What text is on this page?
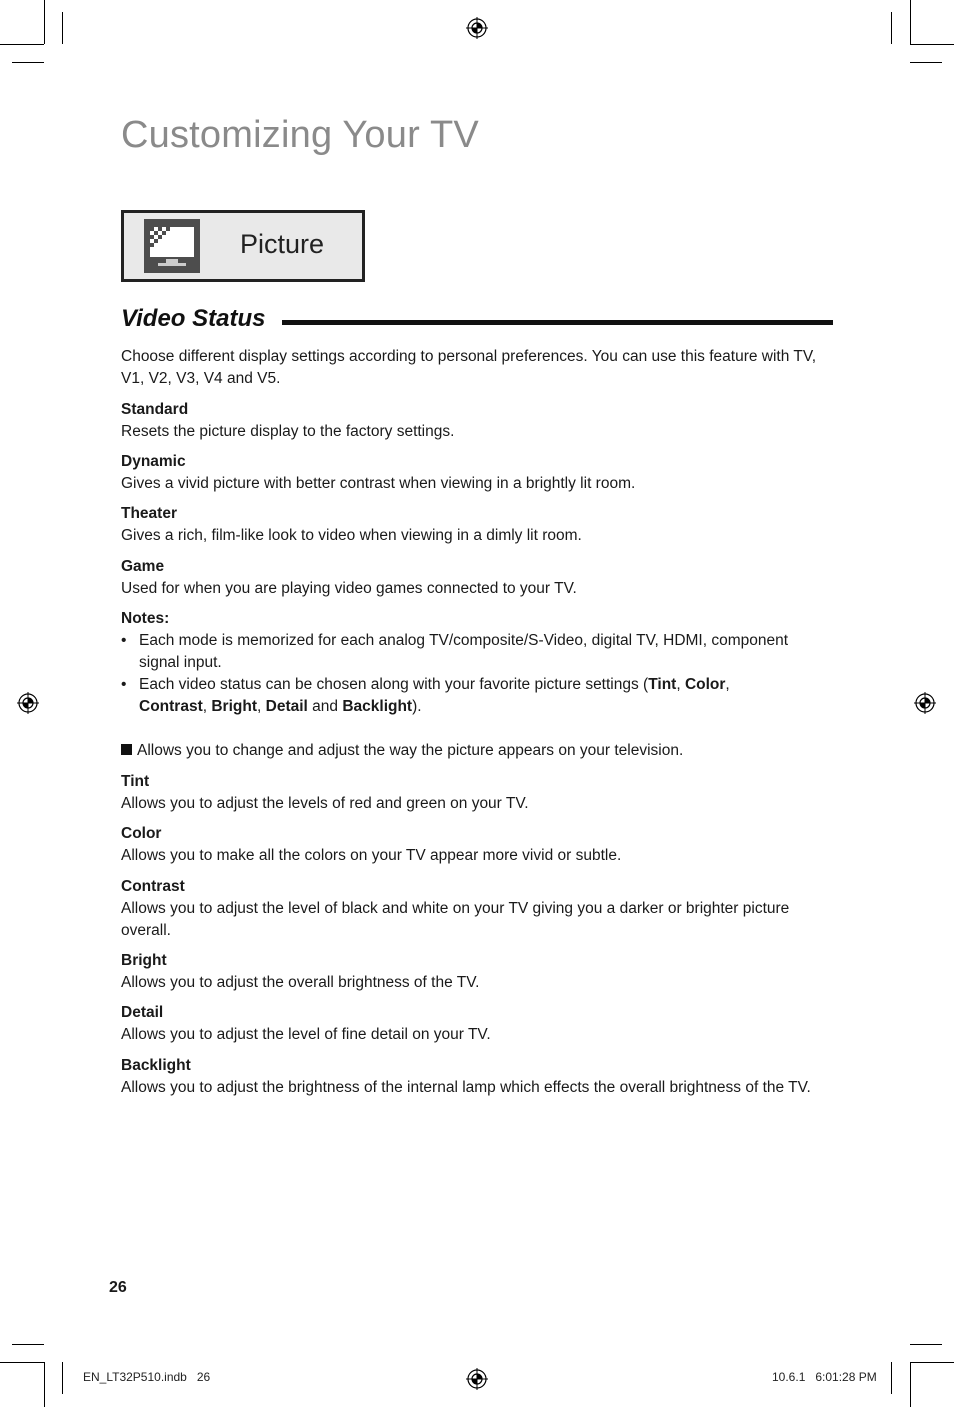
Customizing Your TV
Picture
Video Status
Choose different display settings according to personal preferences. You can use this feature with TV, V1, V2, V3, V4 and V5.
Standard
Resets the picture display to the factory settings.
Dynamic
Gives a vivid picture with better contrast when viewing in a brightly lit room.
Theater
Gives a rich, film-like look to video when viewing in a dimly lit room.
Game
Used for when you are playing video games connected to your TV.
Notes:
• Each mode is memorized for each analog TV/composite/S-Video, digital TV, HDMI, component signal input.
• Each video status can be chosen along with your favorite picture settings (Tint, Color, Contrast, Bright, Detail and Backlight).
Allows you to change and adjust the way the picture appears on your television.
Tint
Allows you to adjust the levels of red and green on your TV.
Color
Allows you to make all the colors on your TV appear more vivid or subtle.
Contrast
Allows you to adjust the level of black and white on your TV giving you a darker or brighter picture overall.
Bright
Allows you to adjust the overall brightness of the TV.
Detail
Allows you to adjust the level of fine detail on your TV.
Backlight
Allows you to adjust the brightness of the internal lamp which effects the overall brightness of the TV.
26
EN_LT32P510.indb   26	10.6.1   6:01:28 PM
